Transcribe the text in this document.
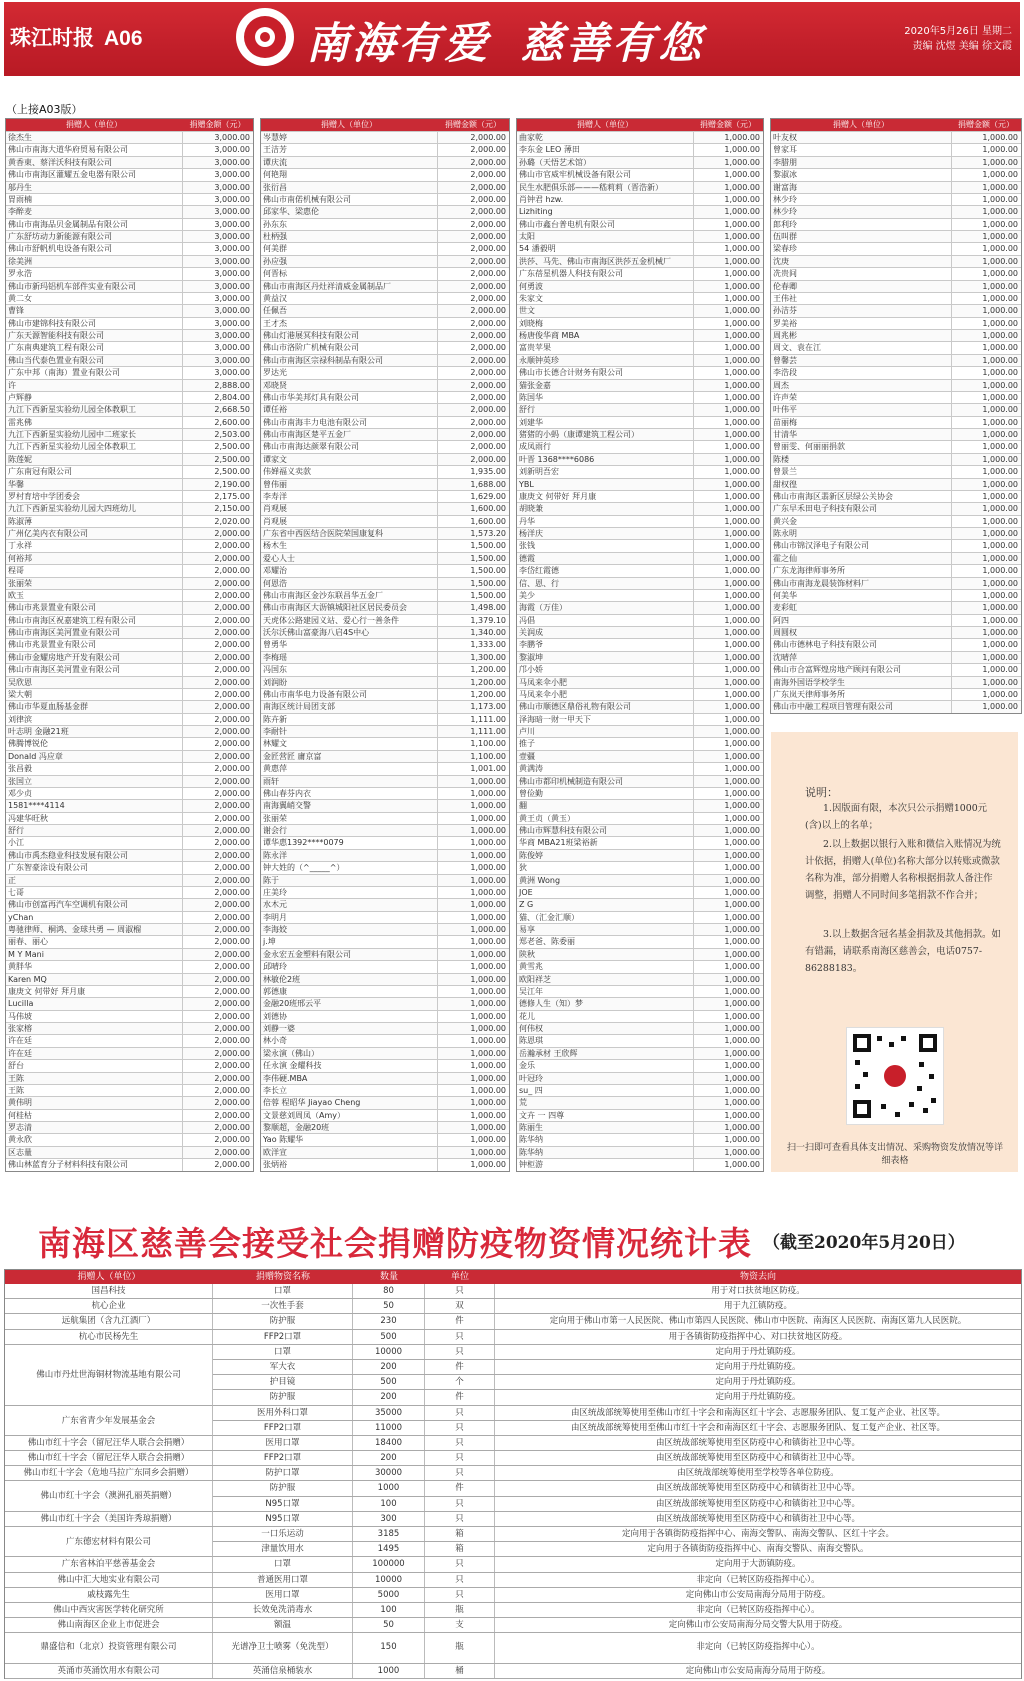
珠江时报 A06	南海有爱 慈善有您	2020年5月26日 星期二
责编 沈煜 美编 徐文霞
（上接A03版）
捐赠人（单位）	捐赠金额（元）
徐杰生	3,000.00
佛山市南海大道华府贸易有限公司	3,000.00
黄香東、蔡洋沃科技有限公司	3,000.00
佛山市南海区灌耀五金电器有限公司	3,000.00
邬丹生	3,000.00
胃雨楠	3,000.00
李醉麦	3,000.00
佛山市南海品贝金属制品有限公司	3,000.00
广东舒坊动力新能源有限公司	3,000.00
佛山市舒帆机电设备有限公司	3,000.00
徐美洲	3,000.00
罗永浩	3,000.00
佛山市新玛铝机车部件实业有限公司	3,000.00
黄二女	3,000.00
曹锋	3,000.00
佛山市建锦科技有限公司	3,000.00
广东天源智能科技有限公司	3,000.00
广东南典建筑工程有限公司	3,000.00
佛山当代泰色置业有限公司	3,000.00
广东中邦（南海）置业有限公司	3,000.00
许	2,888.00
卢辉静	2,804.00
九江下西新星实验幼儿园全体教职工	2,668.50
雷兆佛	2,600.00
九江下西新星实验幼儿园中二班家长	2,503.00
九江下西新星实验幼儿园全体教职工	2,500.00
陈莲妮	2,500.00
广东南冠有限公司	2,500.00
华馨	2,190.00
罗村育培中学团委会	2,175.00
九江下西新星实验幼儿园大四班幼儿	2,150.00
陈淑薄	2,020.00
广州亿美内衣有限公司	2,000.00
丁永祥	2,000.00
何裕邦	2,000.00
程哥	2,000.00
张丽荣	2,000.00
欧玉	2,000.00
佛山市兆景置业有限公司	2,000.00
佛山市南海区祝嘉建筑工程有限公司	2,000.00
佛山市南海区美河置业有限公司	2,000.00
佛山市兆景置业有限公司	2,000.00
佛山市金耀房地产开发有限公司	2,000.00
佛山市南海区美河置业有限公司	2,000.00
吴欣恩	2,000.00
梁大朝	2,000.00
佛山市华夏血肠基金群	2,000.00
刘律滨	2,000.00
叶志明 金融21班	2,000.00
佛腾博锐伦	2,000.00
Donald 冯应章	2,000.00
张昌毅	2,000.00
张国立	2,000.00
邓少贞	2,000.00
1581****4114	2,000.00
冯建华旺秋	2,000.00
舒行	2,000.00
小江	2,000.00
佛山市禹杰稳业科技发展有限公司	2,000.00
广东智豪涂设有限公司	2,000.00
正	2,000.00
七哥	2,000.00
佛山市创富再汽车空调机有限公司	2,000.00
yChan	2,000.00
粤驰律师、桐鸿、金球共勇 — 周淑榴	2,000.00
丽春、丽心	2,000.00
M Y Mani	2,000.00
黄胖华	2,000.00
Karen MQ	2,000.00
康庚文 何带好 拜月康	2,000.00
Lucilla	2,000.00
马伟坡	2,000.00
张家榕	2,000.00
许在廷	2,000.00
许在廷	2,000.00
舒台	2,000.00
王陈	2,000.00
王陈	2,000.00
黄伟明	2,000.00
何桂枯	2,000.00
罗志清	2,000.00
黄永欣	2,000.00
区志量	2,000.00
佛山林蓝育分子材料科技有限公司	2,000.00
捐赠人（单位）	捐赠金额（元）
岑慧婷	2,000.00
王洁芳	2,000.00
谭庆流	2,000.00
何艳翔	2,000.00
张衍昌	2,000.00
佛山市南偌机械有限公司	2,000.00
邱家华、梁惠伦	2,000.00
孙东东	2,000.00
杜柄强	2,000.00
何美群	2,000.00
孙应强	2,000.00
何晋标	2,000.00
佛山市南海区丹灶祥清威金属制品厂	2,000.00
黄益汉	2,000.00
任佩吾	2,000.00
王才杰	2,000.00
佛山灯港展冥科技有限公司	2,000.00
佛山市洛阶广机械有限公司	2,000.00
佛山市南海区宗禄科制品有限公司	2,000.00
罗达光	2,000.00
邓晓贤	2,000.00
佛山市华美邦灯具有限公司	2,000.00
谭任裕	2,000.00
佛山市南海丰力电池有限公司	2,000.00
佛山市南海区楚平五金厂	2,000.00
佛山市南海达颜翠有限公司	2,000.00
谭家文	2,000.00
伟婵福义卖款	1,935.00
曾伟丽	1,688.00
李寿洋	1,629.00
肖观展	1,600.00
肖观展	1,600.00
广东省中西医结合医院荣国康复科	1,573.20
杨木生	1,500.00
爱心人士	1,500.00
邓耀治	1,500.00
何恩浩	1,500.00
佛山市南海区金沙东联昌华五金厂	1,500.00
佛山市南海区大沥镇城阳社区居民委员会	1,498.00
天虎体公路建园义站、爱心行一善条件	1,379.10
沃尔沃佛山富豪海八启4S中心	1,340.00
曾勇华	1,333.00
李梅瑶	1,300.00
冯国东	1,200.00
刘润盼	1,200.00
佛山市南华电力设备有限公司	1,200.00
南海区统计局团支部	1,173.00
陈卉新	1,111.00
李耐针	1,111.00
林耀文	1,100.00
金匠营匠 庸京富	1,100.00
黄惠萍	1,001.00
雨轩	1,000.00
佛山春芬内衣	1,000.00
南海翼峭交警	1,000.00
张丽荣	1,000.00
谢会行	1,000.00
谭华惠1392****0079	1,000.00
陈永洋	1,000.00
钟大姓的（^_____^）	1,000.00
陈于	1,000.00
庄美玲	1,000.00
水木元	1,000.00
李明月	1,000.00
李海姣	1,000.00
j.坤	1,000.00
金永宏五金塑料有限公司	1,000.00
邱晴玲	1,000.00
林敏伦2班	1,000.00
郭德康	1,000.00
金融20班邢云平	1,000.00
刘德协	1,000.00
刘静一婆	1,000.00
林小奇	1,000.00
梁永演（佛山）	1,000.00
任永演 金耀科技	1,000.00
李伟硬.MBA	1,000.00
李长立	1,000.00
倍蓉 程昭华 Jiayao Cheng	1,000.00
文景慈刘周凤（Amy）	1,000.00
黎顺超，金融20班	1,000.00
Yao 陈耀华	1,000.00
欧洋宣	1,000.00
张炳裕	1,000.00
捐赠人（单位）	捐赠金额（元）
曲家乾	1,000.00
李东金 LEO 薄田	1,000.00
孙璐（天悟艺术馆）	1,000.00
佛山市官威牢机械设备有限公司	1,000.00
民生水肥俱乐部———嵇莉莉（晋浩新）	1,000.00
肖钟君 hzw.	1,000.00
Lizhiting	1,000.00
佛山市鑫台普电机有限公司	1,000.00
太阳	1,000.00
54 潘毅明	1,000.00
洪莎、马先、佛山市南海区洪莎五金机械厂	1,000.00
广东蓓星机器人科技有限公司	1,000.00
何勇波	1,000.00
朱家文	1,000.00
世文	1,000.00
刘晓梅	1,000.00
杨唐俊华商 MBA	1,000.00
富贵苹果	1,000.00
永顺钟英珍	1,000.00
佛山市长德合计财务有限公司	1,000.00
猫张金嘉	1,000.00
陈国华	1,000.00
舒行	1,000.00
刘建华	1,000.00
猪猪的小蚂（康谭建筑工程公司）	1,000.00
成凤雨行	1,000.00
叶晋 1368****6086	1,000.00
刘新明吾宏	1,000.00
YBL	1,000.00
康庚文 何带好 拜月康	1,000.00
胡晓兼	1,000.00
丹华	1,000.00
杨洋庆	1,000.00
张钱	1,000.00
德霞	1,000.00
李岱红霞德	1,000.00
信、恩、行	1,000.00
美少	1,000.00
海霞（万佳）	1,000.00
冯倡	1,000.00
关润成	1,000.00
李鹏爷	1,000.00
黎淑坤	1,000.00
邝小娇	1,000.00
马凤来伞小肥	1,000.00
马凤来伞小肥	1,000.00
佛山市顺德区鼎俗礼物有限公司	1,000.00
泽海暗一财一甲天下	1,000.00
卢川	1,000.00
推子	1,000.00
壹疆	1,000.00
黄满涛	1,000.00
佛山市都印机械制造有限公司	1,000.00
曾俭勤	1,000.00
翻	1,000.00
黄王贞（黄玉）	1,000.00
佛山市辉慧科技有限公司	1,000.00
华商 MBA21班梁裕新	1,000.00
陈俊婷	1,000.00
狄	1,000.00
黄洲 Wong	1,000.00
JOE	1,000.00
Z G	1,000.00
猫、（汇金汇顺）	1,000.00
易享	1,000.00
郑老爸、陈委丽	1,000.00
陕秋	1,000.00
黄雪兆	1,000.00
欧阳祥芝	1,000.00
吴江年	1,000.00
德修人生（知）梦	1,000.00
花儿	1,000.00
何伟权	1,000.00
陈恩琪	1,000.00
岳瀚承材 王欣辉	1,000.00
金乐	1,000.00
叶冠玲	1,000.00
su_ 四	1,000.00
荒	1,000.00
文卉 一 四尊	1,000.00
陈丽生	1,000.00
陈华纳	1,000.00
陈华纳	1,000.00
钟柜游	1,000.00
捐赠人（单位）	捐赠金额（元）
叶友权	1,000.00
曾家耳	1,000.00
李腊朋	1,000.00
黎淑冰	1,000.00
谢富海	1,000.00
林少玲	1,000.00
林少玲	1,000.00
郎利玲	1,000.00
伍叫群	1,000.00
梁春珍	1,000.00
沈庚	1,000.00
冼贵间	1,000.00
伦春卿	1,000.00
王伟社	1,000.00
孙洁芬	1,000.00
罗美裕	1,000.00
周兆彬	1,000.00
周文、袁在江	1,000.00
曾馨芸	1,000.00
李浩段	1,000.00
周杰	1,000.00
许声荣	1,000.00
叶伟平	1,000.00
苗丽梅	1,000.00
甘清华	1,000.00
曾丽雯、何丽丽捐款	1,000.00
陈楼	1,000.00
曾景兰	1,000.00
甜权徨	1,000.00
佛山市南海区翡新区层绿公关协会	1,000.00
广东早禾田电子科技有限公司	1,000.00
黄兴金	1,000.00
陈永明	1,000.00
佛山市锦汉泽电子有限公司	1,000.00
霍之仙	1,000.00
广东龙海律师事务所	1,000.00
佛山市南海龙晨装饰材料厂	1,000.00
何美华	1,000.00
麦彩虹	1,000.00
阿四	1,000.00
周圆权	1,000.00
佛山市德林电子科技有限公司	1,000.00
沈晴萍	1,000.00
佛山市合富辉煌房地产顾问有限公司	1,000.00
南海外国语学校学生	1,000.00
广东岚天律师事务所	1,000.00
佛山市中融工程项目管理有限公司	1,000.00
说明：

1.因版面有限，本次只公示捐赠1000元(含)以上的名单；

2.以上数据以银行入账和微信入账情况为统计依据，捐赠人(单位)名称大部分以转账或微款名称为准，部分捐赠人名称根据捐款人备注作调整，捐赠人不同时间多笔捐款不作合并；

3.以上数据含冠名基金捐款及其他捐款。如有错漏，请联系南海区慈善会，电话0757-86288183。

扫一扫即可查看具体支出情况、采购物资发放情况等详细表格
南海区慈善会接受社会捐赠防疫物资情况统计表 （截至2020年5月20日）
捐赠人（单位）	捐赠物资名称	数量	单位	物资去向
国昌科技	口罩	80	只	用于对口扶贫地区防疫。
杭心企业	一次性手套	50	双	用于九江镇防疫。
远航集团（含九江酒厂）	防护服	230	件	定向用于佛山市第一人民医院、佛山市第四人民医院、佛山市中医院、南海区人民医院、南海区第九人民医院。
杭心市民杨先生	FFP2口罩	500	只	用于各镇街防疫指挥中心、对口扶贫地区防疫。
佛山市丹灶世海铜材物流基地有限公司
口罩	10000	只	定向用于丹灶镇防疫。
军大衣	200	件	定向用于丹灶镇防疫。
护目镜	500	个	定向用于丹灶镇防疫。
防护服	200	件	定向用于丹灶镇防疫。
广东省青少年发展基金会
医用外科口罩	35000	只	由区统战部统筹使用至佛山市红十字会和南海区红十字会、志愿服务团队、复工复产企业、社区等。
FFP2口罩	11000	只	由区统战部统筹使用至佛山市红十字会和南海区红十字会、志愿服务团队、复工复产企业、社区等。
佛山市红十字会（留尼汪华人联合会捐赠）	医用口罩	18400	只	由区统战部统筹使用至区防疫中心和镇街社卫中心等。
佛山市红十字会（留尼汪华人联合会捐赠）	FFP2口罩	200	只	由区统战部统筹使用至区防疫中心和镇街社卫中心等。
佛山市红十字会（危地马拉广东同乡会捐赠）	防护口罩	30000	只	由区统战部统筹使用至学校等各单位防疫。
佛山市红十字会（澳洲孔丽英捐赠）
防护服	1000	件	由区统战部统筹使用至区防疫中心和镇街社卫中心等。
N95口罩	100	只	由区统战部统筹使用至区防疫中心和镇街社卫中心等。
佛山市红十字会（美国许秀琼捐赠）	N95口罩	300	只	由区统战部统筹使用至区防疫中心和镇街社卫中心等。
广东德宏材料有限公司
一口乐运动	3185	箱	定向用于各镇街防疫指挥中心、南海交警队、南海交警队、区红十字会。
津量饮用水	1495	箱	定向用于各镇街防疫指挥中心、南海交警队、南海交警队。
广东省林泊平慈善基金会	口罩	100000	只	定向用于大沥镇防疫。
佛山中汇大地实业有限公司	普通医用口罩	10000	只	非定向（已转区防疫指挥中心）。
戚枝露先生	医用口罩	5000	只	定向佛山市公安局南海分局用于防疫。
佛山中西灾害医学转化研究所	长效免洗消毒水	100	瓶	非定向（已转区防疫指挥中心）。
佛山南海区企业上市促进会	额温	50	支	定向佛山市公安局南海分局交警大队用于防疫。
鼎盛信和（北京）投资管理有限公司	光谱净卫士喷雾（免洗型）	150	瓶	非定向（已转区防疫指挥中心）。
英涌市英涌饮用水有限公司	英涌信泉桶装水	1000	桶	定向佛山市公安局南海分局用于防疫。
